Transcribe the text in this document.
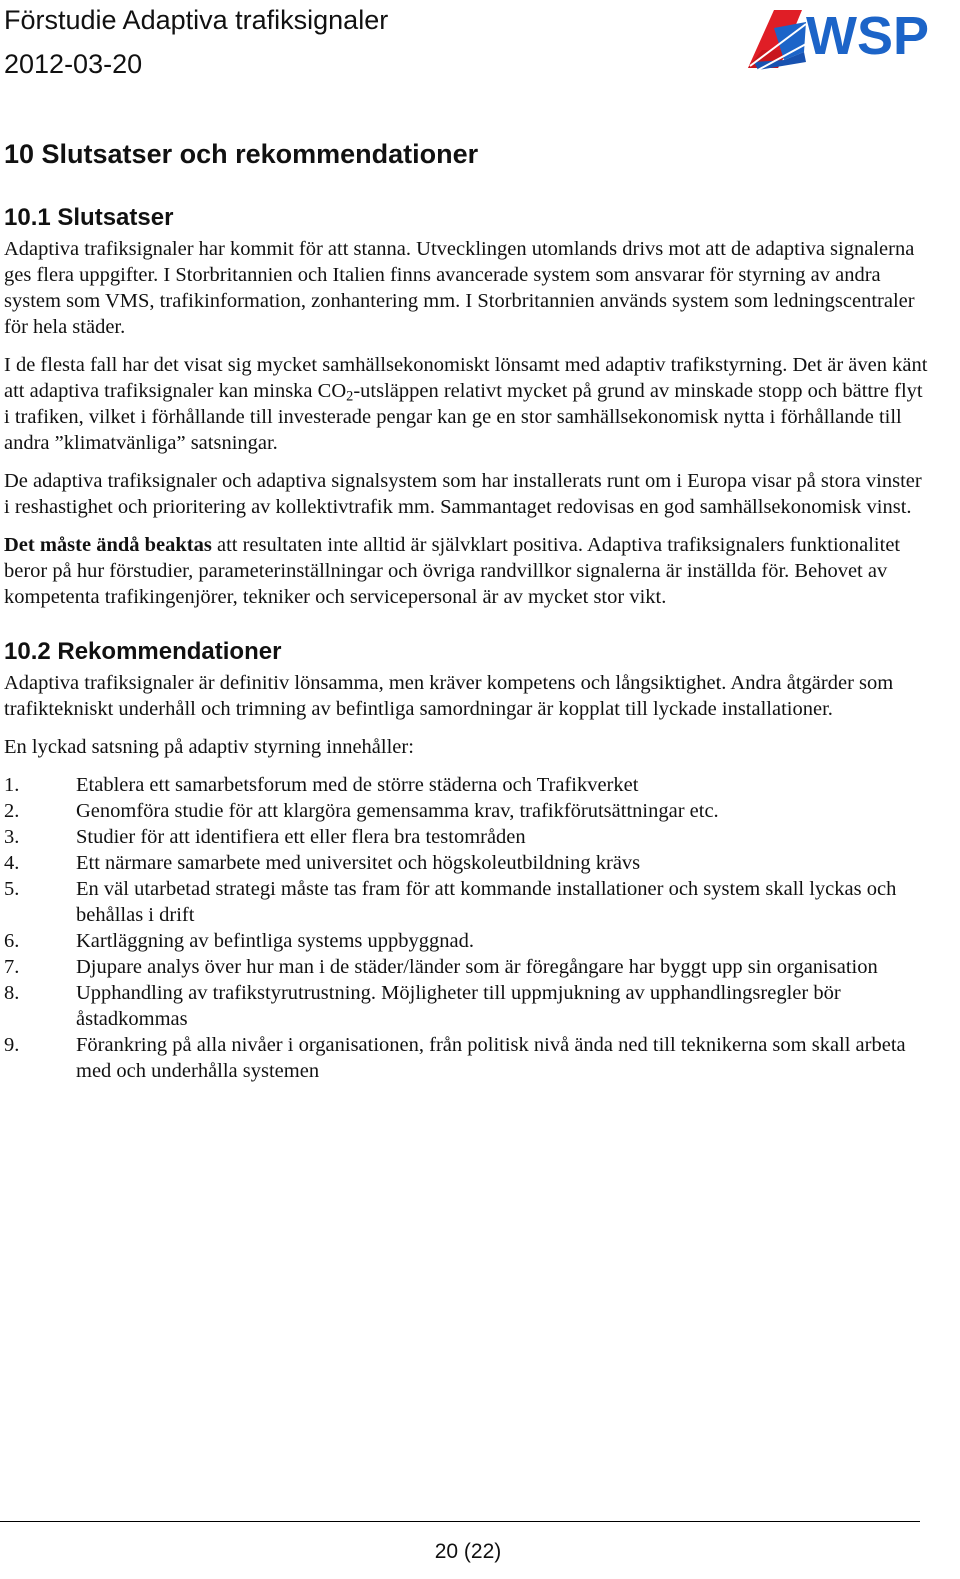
Förstudie Adaptiva trafiksignaler
2012-03-20	WSP
10 Slutsatser och rekommendationer
10.1 Slutsatser

Adaptiva trafiksignaler har kommit för att stanna. Utvecklingen utomlands drivs mot att de adaptiva signalerna ges flera uppgifter. I Storbritannien och Italien finns avancerade system som ansvarar för styrning av andra system som VMS, trafikinformation, zonhantering mm. I Storbritannien används system som ledningscentraler för hela städer.

I de flesta fall har det visat sig mycket samhällsekonomiskt lönsamt med adaptiv trafikstyrning. Det är även känt att adaptiva trafiksignaler kan minska $CO_2$-utsläppen relativt mycket på grund av minskade stopp och bättre flyt i trafiken, vilket i förhållande till investerade pengar kan ge en stor samhällsekonomisk nytta i förhållande till andra ”klimatvänliga” satsningar.

De adaptiva trafiksignaler och adaptiva signalsystem som har installerats runt om i Europa visar på stora vinster i reshastighet och prioritering av kollektivtrafik mm. Sammantaget redovisas en god samhällsekonomisk vinst.

Det måste ändå beaktas att resultaten inte alltid är självklart positiva. Adaptiva trafiksignalers funktionalitet beror på hur förstudier, parameterinställningar och övriga randvillkor signalerna är inställda för. Behovet av kompetenta trafikingenjörer, tekniker och servicepersonal är av mycket stor vikt.

10.2 Rekommendationer

Adaptiva trafiksignaler är definitiv lönsamma, men kräver kompetens och långsiktighet. Andra åtgärder som trafiktekniskt underhåll och trimning av befintliga samordningar är kopplat till lyckade installationer.

En lyckad satsning på adaptiv styrning innehåller:

1.	Etablera ett samarbetsforum med de större städerna och Trafikverket
2.	Genomföra studie för att klargöra gemensamma krav, trafikförutsättningar etc.
3.	Studier för att identifiera ett eller flera bra testområden
4.	Ett närmare samarbete med universitet och högskoleutbildning krävs
5.	En väl utarbetad strategi måste tas fram för att kommande installationer och system skall lyckas och behållas i drift
6.	Kartläggning av befintliga systems uppbyggnad.
7.	Djupare analys över hur man i de städer/länder som är föregångare har byggt upp sin organisation
8.	Upphandling av trafikstyrutrustning. Möjligheter till uppmjukning av upphandlingsregler bör åstadkommas
9.	Förankring på alla nivåer i organisationen, från politisk nivå ända ned till teknikerna som skall arbeta med och underhålla systemen
20 (22)
